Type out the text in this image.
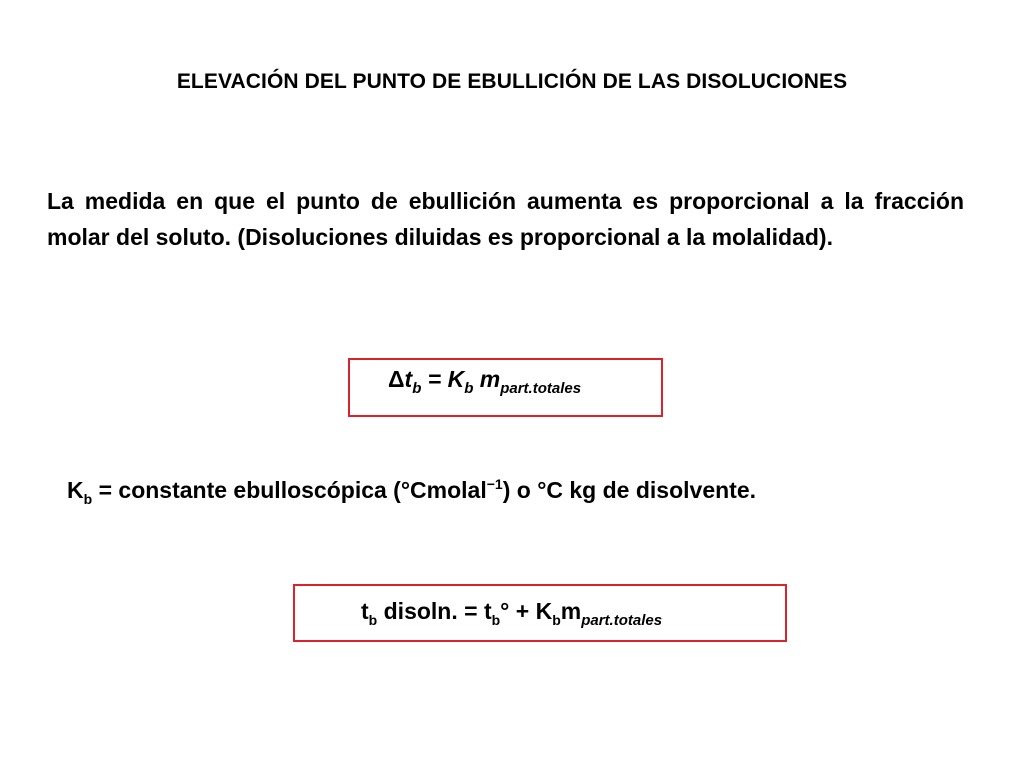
ELEVACIÓN DEL PUNTO DE EBULLICIÓN DE LAS DISOLUCIONES
La medida en que el punto de ebullición aumenta es proporcional a la fracción molar del soluto. (Disoluciones diluidas es proporcional a la molalidad).
$\Delta t_b = K_b$ $m_{part.totales}$
$K_b$ = constante ebulloscópica (°Cmolal$^{-1}$) o °C kg de disolvente.
$t_b$ disoln. = $t_b^\circ + K_bm_{part.totales}$
